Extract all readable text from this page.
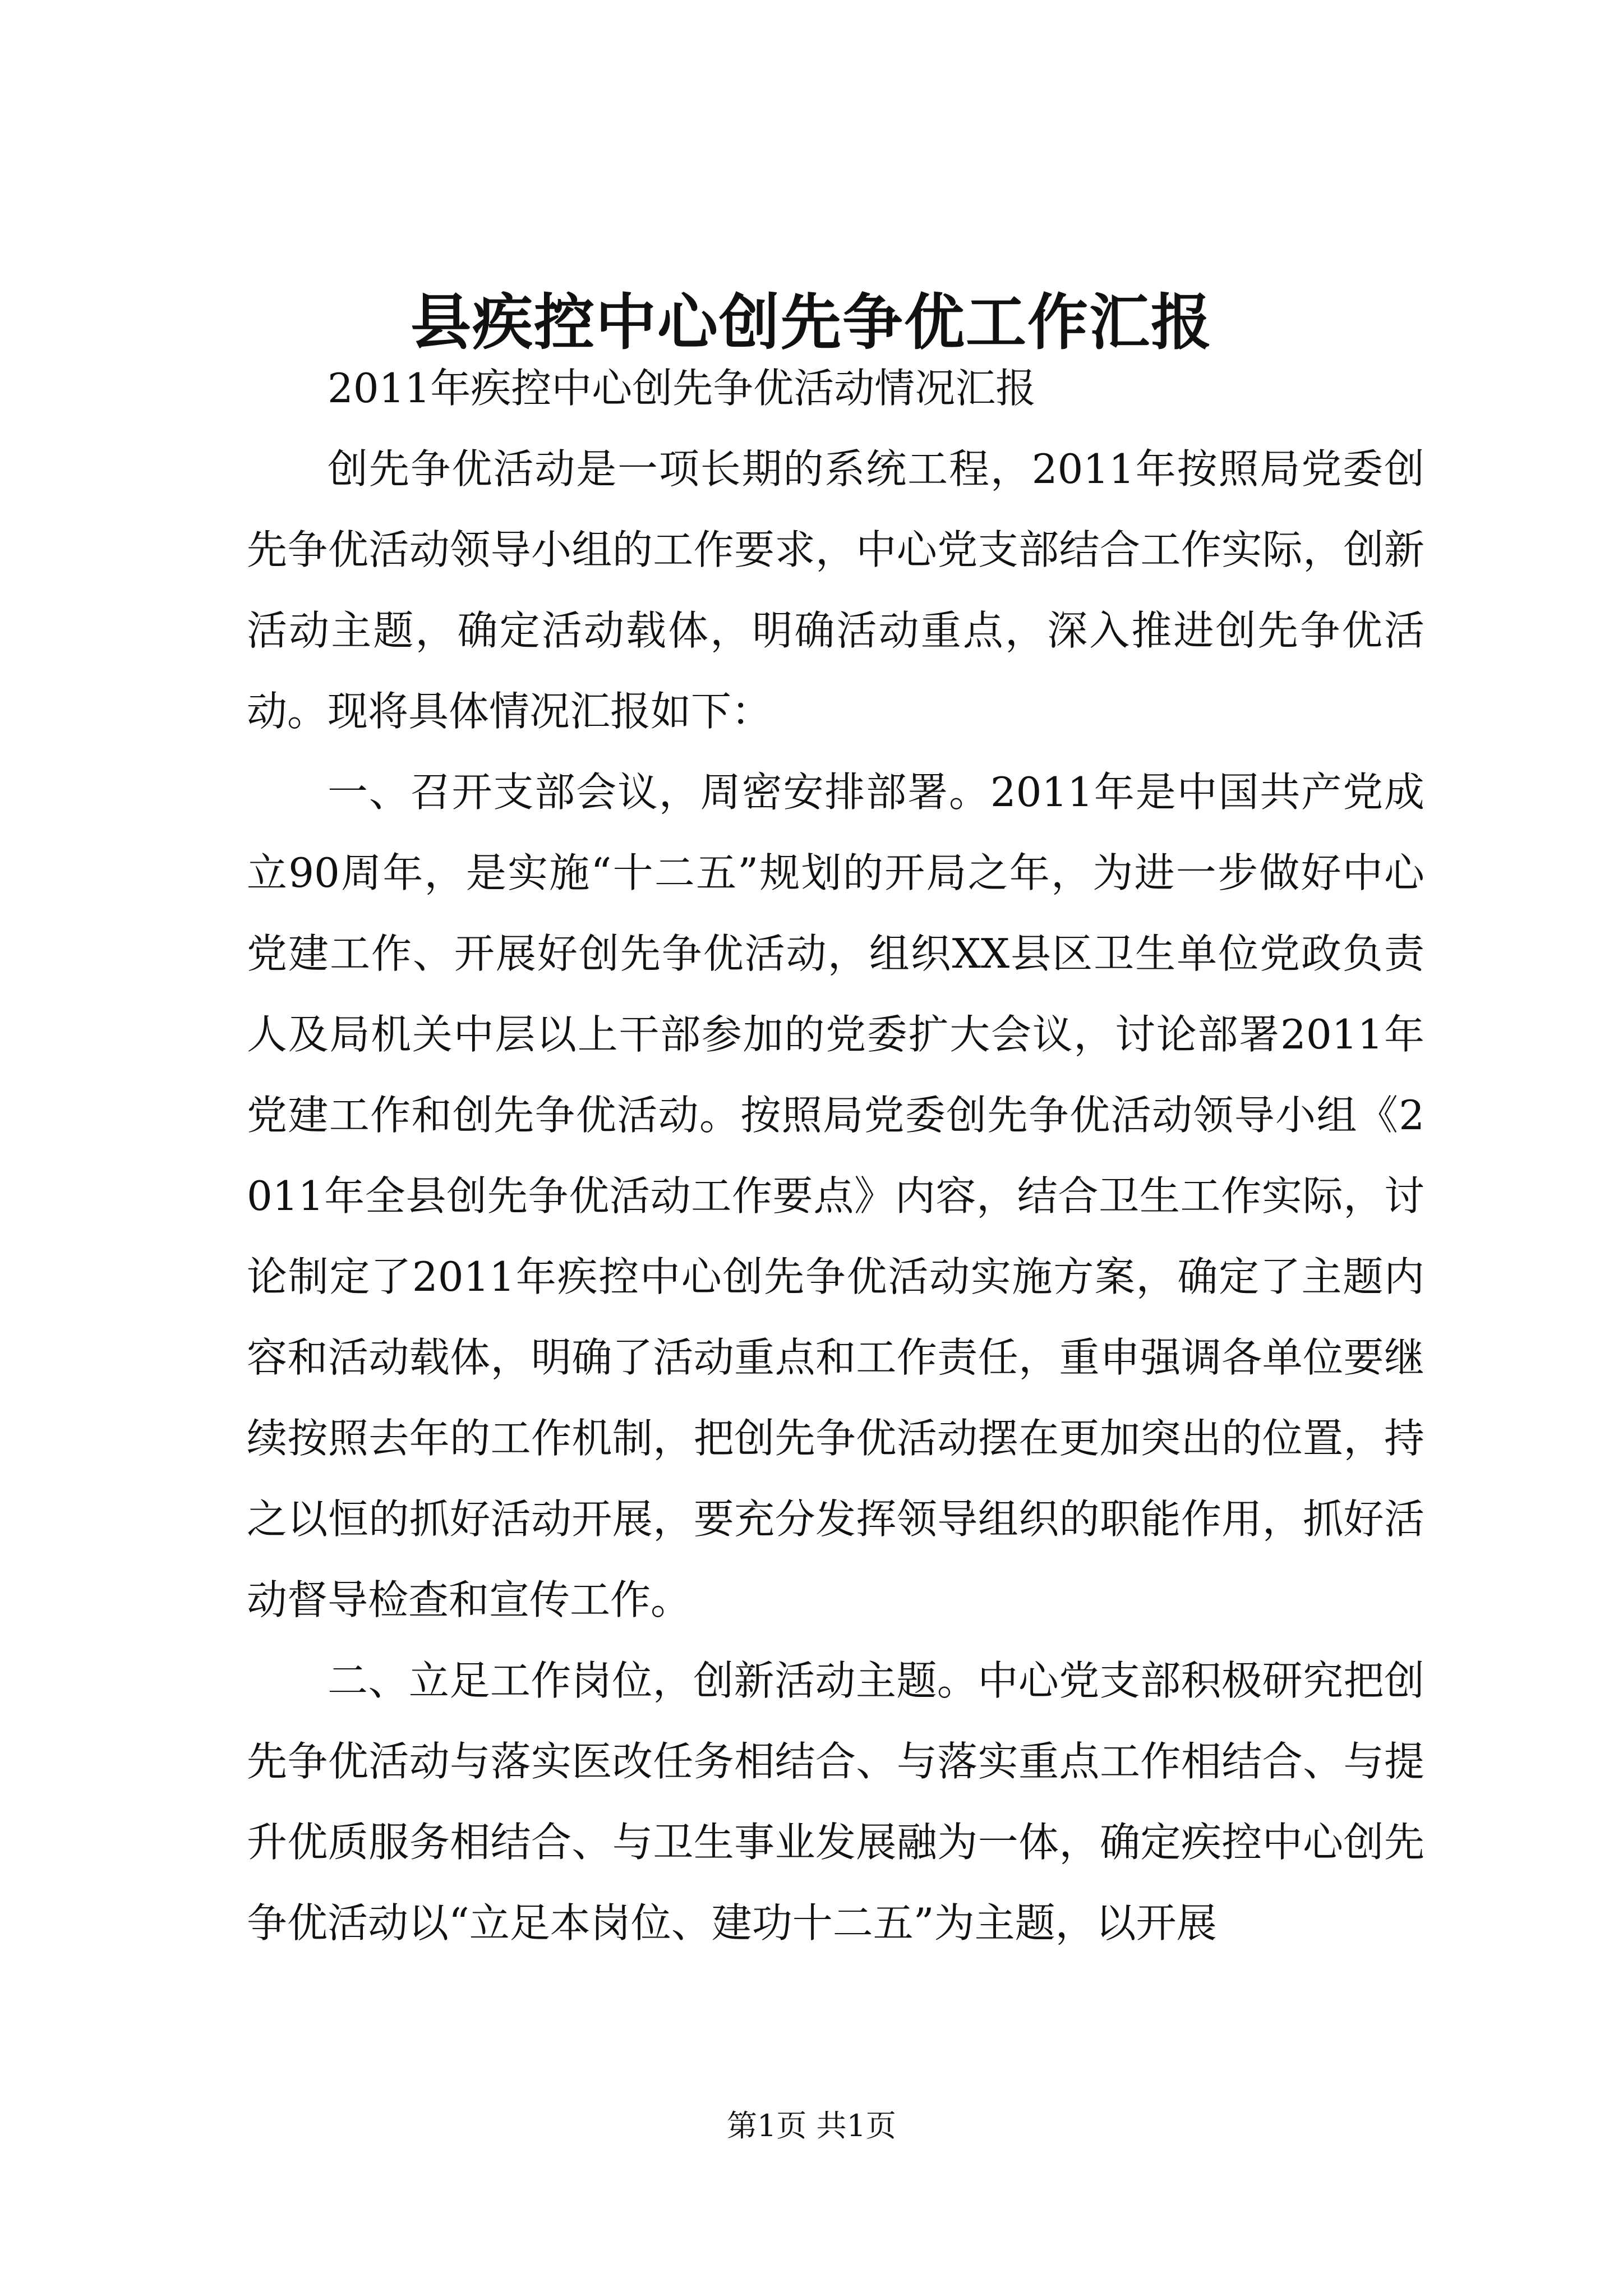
县疾控中心创先争优工作汇报

2011年疾控中心创先争优活动情况汇报

创先争优活动是一项长期的系统工程，2011年按照局党委创先争优活动领导小组的工作要求，中心党支部结合工作实际，创新活动主题，确定活动载体，明确活动重点，深入推进创先争优活动。现将具体情况汇报如下：

一、召开支部会议，周密安排部署。2011年是中国共产党成立90周年，是实施“十二五”规划的开局之年，为进一步做好中心党建工作、开展好创先争优活动，组织XX县区卫生单位党政负责人及局机关中层以上干部参加的党委扩大会议，讨论部署2011年党建工作和创先争优活动。按照局党委创先争优活动领导小组《2011年全县创先争优活动工作要点》内容，结合卫生工作实际，讨论制定了2011年疾控中心创先争优活动实施方案，确定了主题内容和活动载体，明确了活动重点和工作责任，重申强调各单位要继续按照去年的工作机制，把创先争优活动摆在更加突出的位置，持之以恒的抓好活动开展，要充分发挥领导组织的职能作用，抓好活动督导检查和宣传工作。

二、立足工作岗位，创新活动主题。中心党支部积极研究把创先争优活动与落实医改任务相结合、与落实重点工作相结合、与提升优质服务相结合、与卫生事业发展融为一体，确定疾控中心创先争优活动以“立足本岗位、建功十二五”为主题，以开展

第1页 共1页
